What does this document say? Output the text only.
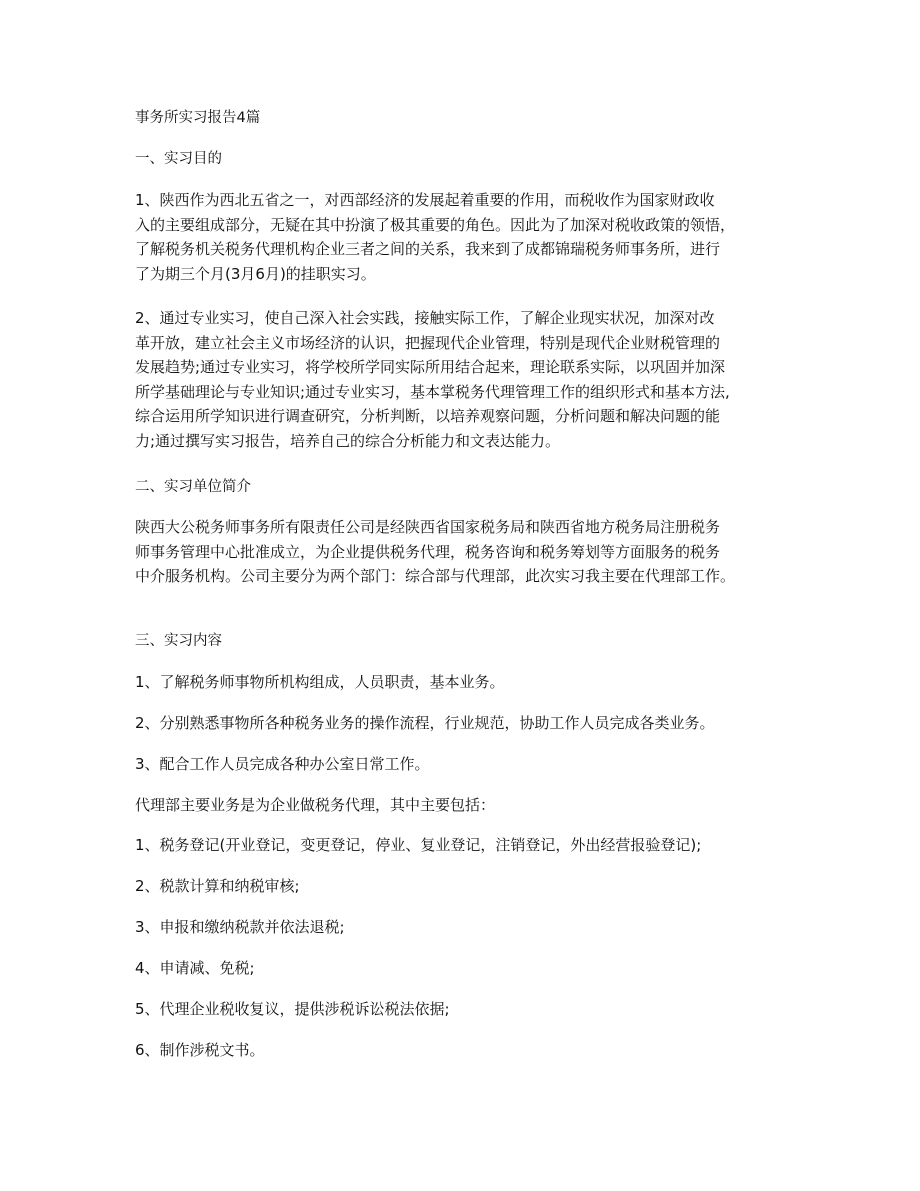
事务所实习报告4篇

一、实习目的

1、陕西作为西北五省之一，对西部经济的发展起着重要的作用，而税收作为国家财政收
入的主要组成部分，无疑在其中扮演了极其重要的角色。因此为了加深对税收政策的领悟，
了解税务机关税务代理机构企业三者之间的关系，我来到了成都锦瑞税务师事务所，进行
了为期三个月(3月6月)的挂职实习。

2、通过专业实习，使自己深入社会实践，接触实际工作，了解企业现实状况，加深对改
革开放，建立社会主义市场经济的认识，把握现代企业管理，特别是现代企业财税管理的
发展趋势;通过专业实习，将学校所学同实际所用结合起来，理论联系实际，以巩固并加深
所学基础理论与专业知识;通过专业实习，基本掌税务代理管理工作的组织形式和基本方法,
综合运用所学知识进行调查研究，分析判断，以培养观察问题，分析问题和解决问题的能
力;通过撰写实习报告，培养自己的综合分析能力和文表达能力。

二、实习单位简介

陕西大公税务师事务所有限责任公司是经陕西省国家税务局和陕西省地方税务局注册税务
师事务管理中心批准成立，为企业提供税务代理，税务咨询和税务筹划等方面服务的税务
中介服务机构。公司主要分为两个部门：综合部与代理部，此次实习我主要在代理部工作。

三、实习内容

1、了解税务师事物所机构组成，人员职责，基本业务。

2、分别熟悉事物所各种税务业务的操作流程，行业规范，协助工作人员完成各类业务。

3、配合工作人员完成各种办公室日常工作。

代理部主要业务是为企业做税务代理，其中主要包括：

1、税务登记(开业登记，变更登记，停业、复业登记，注销登记，外出经营报验登记);

2、税款计算和纳税审核;

3、申报和缴纳税款并依法退税;

4、申请减、免税;

5、代理企业税收复议，提供涉税诉讼税法依据;

6、制作涉税文书。
